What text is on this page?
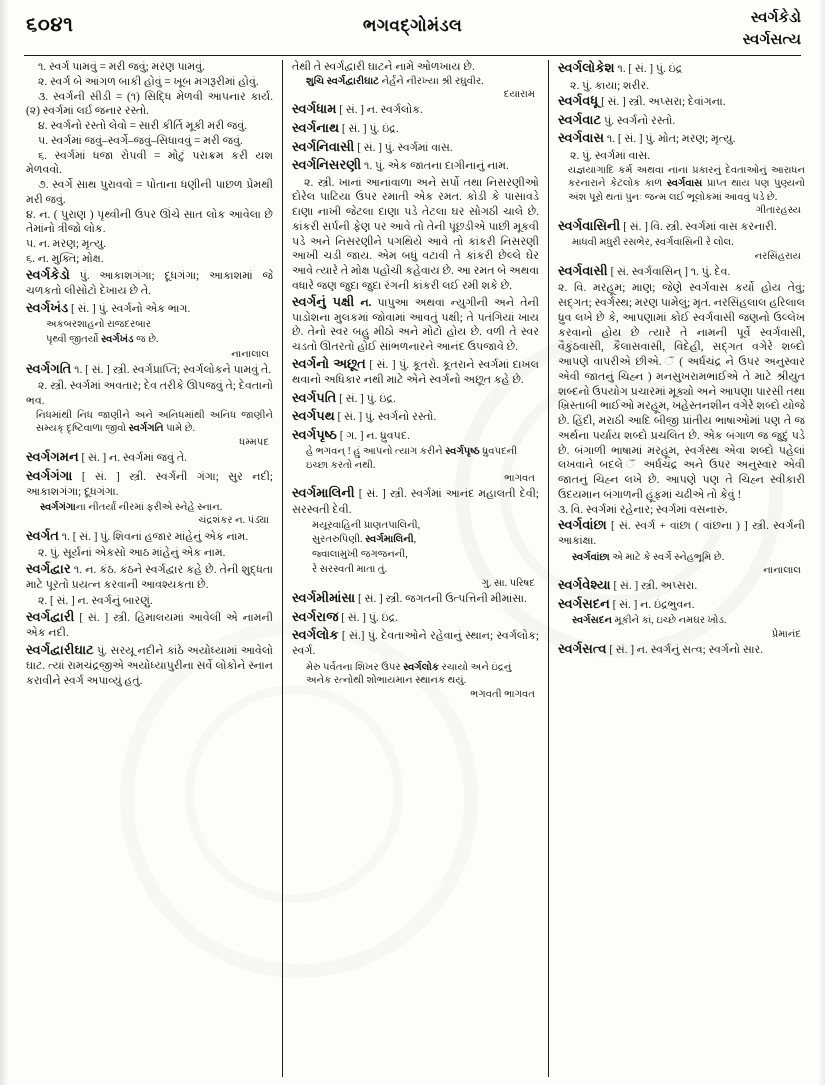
૬૦૪૧	ભગવદ્ગોમંડલ	સ્વર્ગકેડો
સ્વર્ગસત્ય
૧. સ્વર્ગ પામવું = મરી જવું; મરણ પામવું.
૨. સ્વર્ગ બે આંગળ બાકી હોવું = ખૂબ મગરૂરીમાં હોવું.
૩. સ્વર્ગની સીડી = (૧) સિદ્ધિ મેળવી આપનાર કાર્ય. (૨) સ્વર્ગમાં લર્ઇ જનાર રસ્તો.
૪. સ્વર્ગનો રસ્તો લેવો = સારી કીર્તિ મૂકી મરી જવું.
૫. સ્વર્ગમાં જવું–સ્વર્ગે–જવું–સિધાવવું = મરી જવું.
૬. સ્વર્ગમાં ધજા રોપવી = મોટું પરાક્રમ કરી યશ મેળવવો.
૭. સ્વર્ગે સાથ પુરાવવો = પોતાના ધણીની પાછળ પ્રેમથી મરી જવું.
૪. ન. ( પુરાણ ) પૃથ્વીની ઉપર ઊંચે સાત લોક આવેલા છે તેમાંનો ત્રીજો લોક.
૫. ન. મરણ; મૃત્યુ.
૬. ન. મુક્તિ; મોક્ષ.
સ્વર્ગકેડો પું. આકાશગંગા; દૂધગંગા; આકાશમાં જે ચળકતો લીસોટો દેખાય છે તે.
સ્વર્ગખંડ [ સં. ] પું. સ્વર્ગનો એક ભાગ.
અકબરશાહનો રાજદરબાર
પૃથ્વી જીતર્યો સ્વર્ગખંડ જ છે.
નાનાલાલ
સ્વર્ગગતિ ૧. [ સં. ] સ્ત્રી. સ્વર્ગપ્રાપ્તિ; સ્વર્ગલોકને પામવું તે.
૨. સ્ત્રી. સ્વર્ગમાં અવતાર; દેવ તરીકે ઊપજવું તે; દેવતાનો ભવ.
નિધમાંથી નિધ જાણીને અને અનિધમાંથી અનિધ જાણીને સમ્યક્ દૃષ્ટિવાળા જીવો સ્વર્ગગતિ પામે છે.
ધમ્મપદ
સ્વર્ગગમન [ સં. ] ન. સ્વર્ગમાં જવું તે.
સ્વર્ગગંગા [ સં. ] સ્ત્રી. સ્વર્ગની ગંગા; સુર નદી; આકાશગંગા; દૂધગંગા.
સ્વર્ગગંગાના નીતર્યાં નીરમાં ફરીએ સ્નેહે સ્નાન.
ચંદ્રશંકર ન. પંડ્યા
સ્વર્ગત ૧. [ સં. ] પું. શિવનાં હજાર માંહેનું એક નામ.
૨. પું. સૂર્યનાં એકસો આઠ માંહેનું એક નામ.
સ્વર્ગદ્વાર ૧. ન. કંઠ. કંઠને સ્વર્ગદ્વાર કહે છે. તેની શુદ્ધતા માટે પૂરતો પ્રયત્ન કરવાની આવશ્યકતા છે.
૨. [ સં. ] ન. સ્વર્ગનું બારણું.
સ્વર્ગદ્વારી [ સં. ] સ્ત્રી. હિમાલયમાં આવેલી એ નામની એક નદી.
સ્વર્ગદ્વારીઘાટ પું. સરયૂ નદીને કાંઠે અયોધ્યામાં આવેલો ઘાટ. ત્યાં રામચંદ્રજીએ અયોધ્યાપુરીના સર્વે લોકોને સ્નાન કરાવીને સ્વર્ગ અપાવ્યું હતું.
તેથી તે સ્વર્ગદ્વારી ઘાટને નામે ઓળખાય છે.
શુચિ સ્વર્ગદ્વારીઘાટ નેર્હંને નીરખ્યા શ્રી રઘુવીર.
દયારામ
સ્વર્ગધામ [ સં. ] ન. સ્વર્ગલોક.
સ્વર્ગનાથ [ સં. ] પું. ઇંદ્ર.
સ્વર્ગનિવાસી [ સં. ] પું. સ્વર્ગમાં વાસ.
સ્વર્ગનિસરણી ૧. પું. એક જાતના દાગીનાનું નામ.
૨. સ્ત્રી. ખાનાં આનાંવાળા અને સર્પો તથા નિસરણીઓ દોરેલ પાટિયા ઉપર રમાતી એક રમત. કોડી કે પાસાવડે દાણા નાખી જેટલા દાણા પડે તેટલા ઘર સોગઠી ચાલે છે. કાંકરી સર્પની ફેણ પર આવે તો તેની પૂંછડીએ પાછી મૂકવી પડે અને નિસરણીને પગથિયે આવે તો કાંકરી નિસરણી આખી ચડી જાય. એમ બધું વટાવી તે કાંકરી છેલ્લે ઘેર આવે ત્યારે તે મોક્ષ પહોંચી કહેવાય છે. આ રમત બે અથવા વધારે જણ જુદા જુદા રંગની કાંકરી લઈ રમી શકે છે.
સ્વર્ગનું પક્ષી ન. પાપુઆ અથવા ન્યુગીની અને તેની પાડોશના મુલકમાં જોવામાં આવતું પક્ષી; તે પતંગિયાં ખાય છે. તેનો સ્વર બહુ મીઠો અને મોટો હોય છે. વળી તે સ્વર ચડતો ઊતરતો હોઈ સાંભળનારને આનંદ ઉપજાવે છે.
સ્વર્ગનો અછૂત [ સં. ] પું. કૂતરો. કૂતરાને સ્વર્ગમાં દાખલ થવાનો અધિકાર નથી માટે એને સ્વર્ગનો અછૂત કહે છે.
સ્વર્ગપતિ [ સં. ] પું. ઇંદ્ર.
સ્વર્ગપથ [ સં. ] પું. સ્વર્ગનો રસ્તો.
સ્વર્ગપૃષ્ઠ [ ગ. ] ન. ધ્રુવપદ.
હે ભગવન્ ! હું આપનો ત્યાગ કરીને સ્વર્ગપૃષ્ઠ ધ્રુવપદની ઇચ્છા કરતો નથી.
ભાગવત
સ્વર્ગમાલિની [ સં. ] સ્ત્રી. સ્વર્ગમાં આનંદ મહાલતી દેવી; સરસ્વતી દેવી.
મયૂરવાહિની પ્રાણતપાલિની,
સુરતરુપિણી. સ્વર્ગમાલિની,
જ્વાલામુખી જગજનની,
રે સરસ્વતી માતા તું.
ગુ. સા. પરિષદ
સ્વર્ગમીમાંસા [ સં. ] સ્ત્રી. જગતની ઉત્પત્તિની મીમાંસા.
સ્વર્ગરાજ [ સં. ] પું. ઇંદ્ર.
સ્વર્ગલોક [ સં.] પું. દેવતાઓને રહેવાનું સ્થાન; સ્વર્ગલોક; સ્વર્ગ.
મેરુ પર્વતના શિખર ઉપર સ્વર્ગલોક રચાયો અને ઇંદ્રનું અનેક રત્નોથી શોભાયમાન સ્થાનક થયું.
ભગવતી ભાગવત
સ્વર્ગલોકેશ ૧. [ સં. ] પું. ઇંદ્ર
૨. પું. કાયા; શરીર.
સ્વર્ગવધૂ [ સં. ] સ્ત્રી. અપ્સરા; દેવાંગના.
સ્વર્ગવાટ પું. સ્વર્ગનો રસ્તો.
સ્વર્ગવાસ ૧. [ સં. ] પું. મોત; મરણ; મૃત્યુ.
૨. પું. સ્વર્ગમાં વાસ.
યજ્ઞયાગાદિ કર્મ અથવા નાના પ્રકારનું દેવતાઓનું આરાધન કરનારાને કેટલોક કાળ સ્વર્ગવાસ પ્રાપ્ત થાય પણ પુણ્યનો અંશ પૂરો થતાં પુનઃ જન્મ લઈ ભૂલોકમાં આવવું પડે છે.
ગીતારહસ્ય
સ્વર્ગવાસિની [ સં. ] વિ. સ્ત્રી. સ્વર્ગમાં વાસ કરનારી.
માધવી મધુરી રસભેર, સ્વર્ગવાસિની રે લોલ.
નરસિંહરાય
સ્વર્ગવાસી [ સં. સ્વર્ગવાસિન્ ] ૧. પું. દેવ.
૨. વિ. મરહૂમ; માણ; જેણે સ્વર્ગવાસ કર્યો હોય તેવું; સદ્ગત; સ્વર્ગસ્થ; મરણ પામેલું; મૃત. નરસિંહલાલ હરિલાલ ધ્રુવ લખે છે કે, આપણામાં કોઈ સ્વર્ગવાસી જણનો ઉલ્લેખ કરવાનો હોય છે ત્યારે તે નામની પૂર્વે સ્વર્ગવાસી, વૈકુંઠવાસી, કૈલાસવાસી, વિદેહી, સદ્ગત વગેરે શબ્દો આપણે વાપરીએ છીએ. ઁ ( અર્ધચંદ્ર ને ઉપર અનુસ્વાર એવી જાતનું ચિહ્ન ) મનસુખરામભાઈએ તે માટે શ્રીયુત શબ્દનો ઉપયોગ પ્રચારમાં મૂક્યો અને આપણા પારસી તથા ખ્રિસ્તાબી ભાઈઓ મરહૂમ, ખહેસ્તનશીન વગેરે શબ્દો યોજે છે. હિંદી, મરાઠી આદિ બીજી પ્રાંતીય ભાષાઓમાં પણ તે જ અર્થના પર્યાય શબ્દો પ્રચલિત છે. એક બંગાળ જ જુદું પડે છે. બંગાળી ભાષામાં મરહૂમ, સ્વર્ગસ્થ એવા શબ્દો પહેલાં લખવાને બદલે ઁ અર્ધચંદ્ર અને ઉપર અનુસ્વાર એવી જાતનું ચિહ્ન લખે છે. આપણે પણ તે ચિહ્ન સ્વીકારી ઉદયમાન બંગાળની હૂંફમાં ચઢીએ તો કેવું !
૩. વિ. સ્વર્ગમાં રહેનાર; સ્વર્ગમાં વસનારું.
સ્વર્ગવાંછા [ સં. સ્વર્ગ + વાંછા ( વાંછના ) ] સ્ત્રી. સ્વર્ગની આકાંક્ષા.
સ્વર્ગવાંછા એ માટે કે સ્વર્ગે સ્નેહભૂમિ છે.
નાનાલાલ
સ્વર્ગવેશ્યા [ સં. ] સ્ત્રી. અપ્સરા.
સ્વર્ગસદન [ સં. ] ન. ઇંદ્રભુવન.
સ્વર્ગસદન મૂકીને કાં, ઇચ્છે નમઘર ખોડ.
પ્રેમાનંદ
સ્વર્ગસત્વ [ સં. ] ન. સ્વર્ગનું સત્વ; સ્વર્ગનો સાર.
